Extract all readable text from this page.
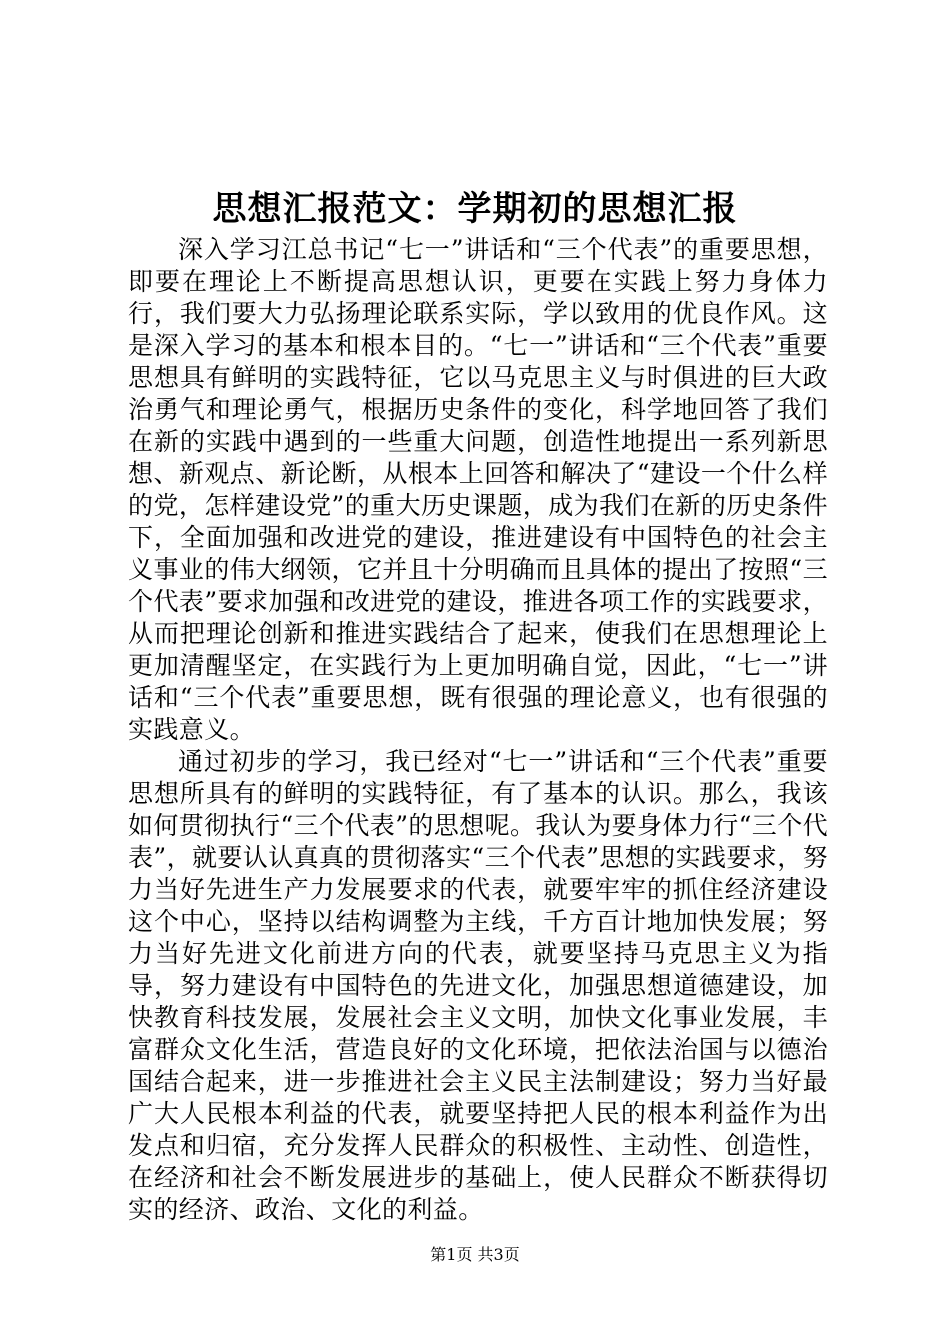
思想汇报范文：学期初的思想汇报

深入学习江总书记“七一”讲话和“三个代表”的重要思想，即要在理论上不断提高思想认识，更要在实践上努力身体力行，我们要大力弘扬理论联系实际，学以致用的优良作风。这是深入学习的基本和根本目的。“七一”讲话和“三个代表”重要思想具有鲜明的实践特征，它以马克思主义与时俱进的巨大政治勇气和理论勇气，根据历史条件的变化，科学地回答了我们在新的实践中遇到的一些重大问题，创造性地提出一系列新思想、新观点、新论断，从根本上回答和解决了“建设一个什么样的党，怎样建设党”的重大历史课题，成为我们在新的历史条件下，全面加强和改进党的建设，推进建设有中国特色的社会主义事业的伟大纲领，它并且十分明确而且具体的提出了按照“三个代表”要求加强和改进党的建设，推进各项工作的实践要求，从而把理论创新和推进实践结合了起来，使我们在思想理论上更加清醒坚定，在实践行为上更加明确自觉，因此，“七一”讲话和“三个代表”重要思想，既有很强的理论意义，也有很强的实践意义。

通过初步的学习，我已经对“七一”讲话和“三个代表”重要思想所具有的鲜明的实践特征，有了基本的认识。那么，我该如何贯彻执行“三个代表”的思想呢。我认为要身体力行“三个代表”，就要认认真真的贯彻落实“三个代表”思想的实践要求，努力当好先进生产力发展要求的代表，就要牢牢的抓住经济建设这个中心，坚持以结构调整为主线，千方百计地加快发展；努力当好先进文化前进方向的代表，就要坚持马克思主义为指导，努力建设有中国特色的先进文化，加强思想道德建设，加快教育科技发展，发展社会主义文明，加快文化事业发展，丰富群众文化生活，营造良好的文化环境，把依法治国与以德治国结合起来，进一步推进社会主义民主法制建设；努力当好最广大人民根本利益的代表，就要坚持把人民的根本利益作为出发点和归宿，充分发挥人民群众的积极性、主动性、创造性，在经济和社会不断发展进步的基础上，使人民群众不断获得切实的经济、政治、文化的利益。

第1页 共3页
